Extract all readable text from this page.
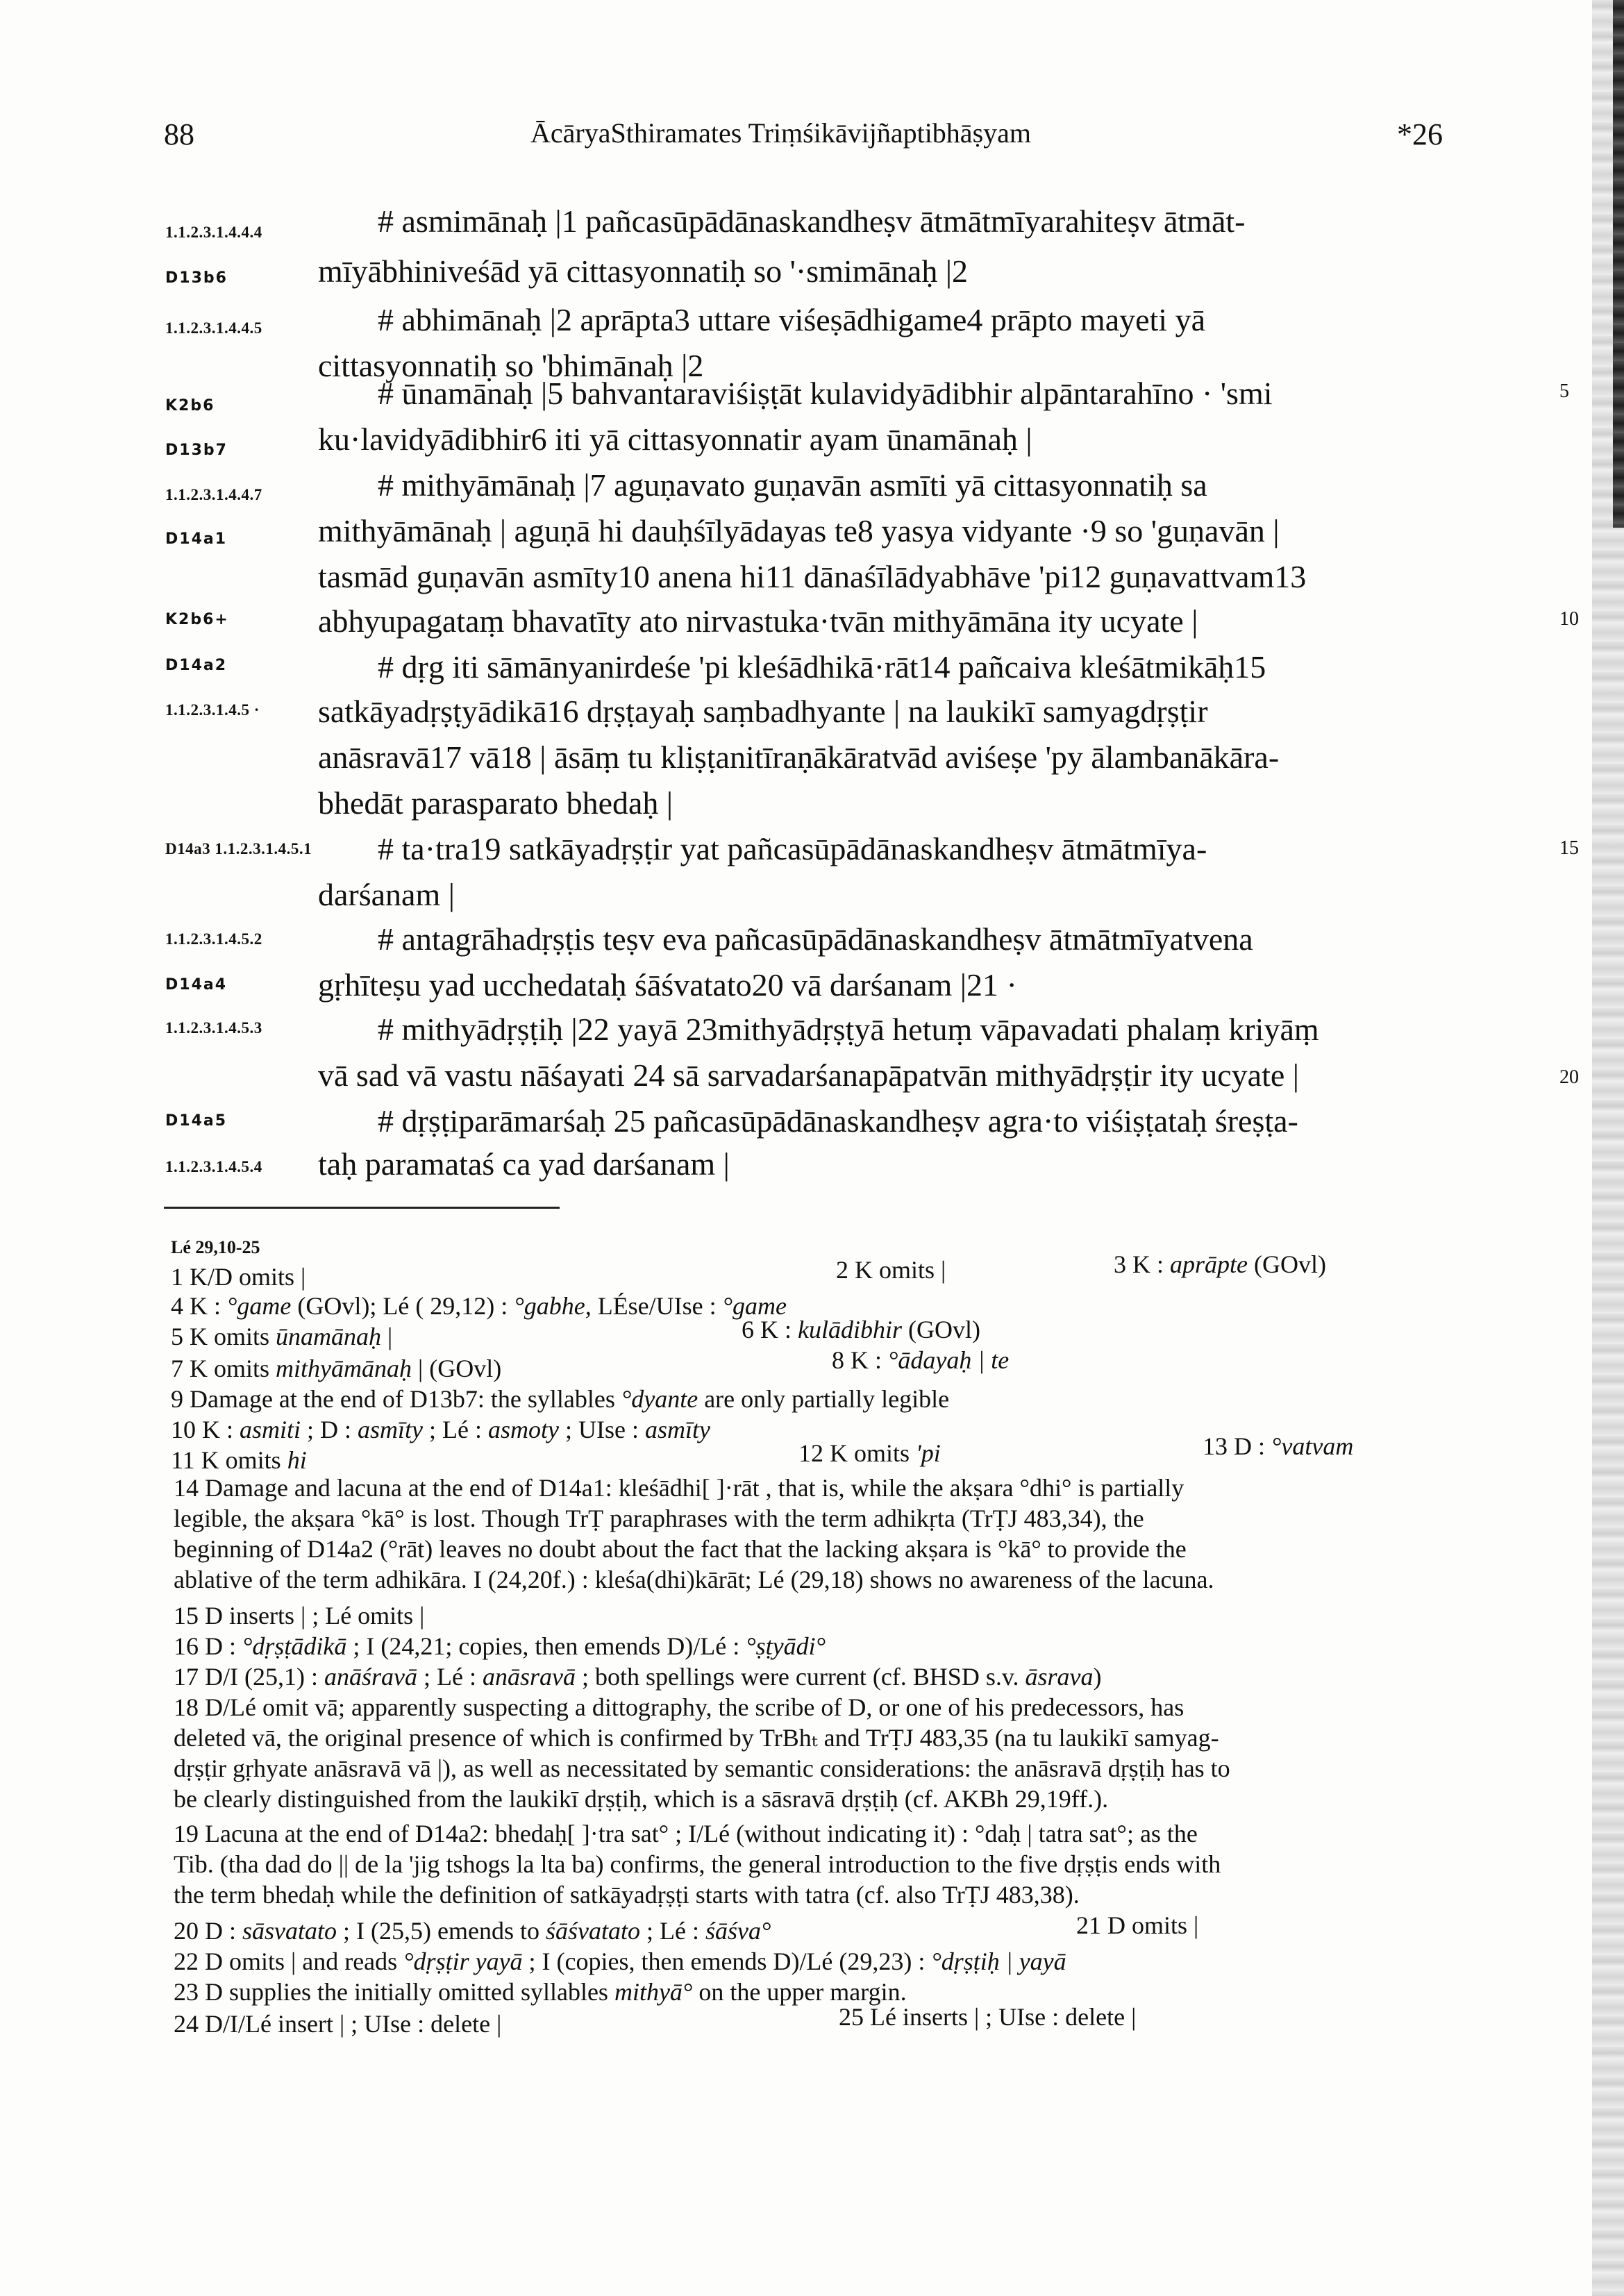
88	ĀcāryaSthiramates Triṃśikāvijñaptibhāṣyam	*26
1.1.2.3.1.4.4.4	# asmimānaḥ |1 pañcasūpādānaskandheṣv ātmātmīyarahiteṣv ātmāt-
D13b6	mīyābhiniveśād yā cittasyonnatiḥ so '·smimānaḥ |2
1.1.2.3.1.4.4.5	# abhimānaḥ |2 aprāpta3 uttare viśeṣādhigame4 prāpto mayeti yā
cittasyonnatiḥ so 'bhimānaḥ |2
K2b6	# ūnamānaḥ |5 bahvantaraviśiṣṭāt kulavidyādibhir alpāntarahīno · 'smi
D13b7	ku·lavidyādibhir6 iti yā cittasyonnatir ayam ūnamānaḥ |
1.1.2.3.1.4.4.7	# mithyāmānaḥ |7 aguṇavato guṇavān asmīti yā cittasyonnatiḥ sa
D14a1	mithyāmānaḥ | aguṇā hi dauḥśīlyādayas te8 yasya vidyante ·9 so 'guṇavān |
tasmād guṇavān asmīty10 anena hi11 dānaśīlādyabhāve 'pi12 guṇavattvam13
K2b6+	abhyupagataṃ bhavatīty ato nirvastuka·tvān mithyāmāna ity ucyate |
D14a2	# dṛg iti sāmānyanirdeśe 'pi kleśādhikā·rāt14 pañcaiva kleśātmikāḥ15
1.1.2.3.1.4.5 · satkāyadṛṣṭyādikā16 dṛṣṭayaḥ saṃbadhyante | na laukikī samyagdṛṣṭir
anāsravā17 vā18 | āsāṃ tu kliṣṭanitīraṇākāratvād aviśeṣe 'py ālambanākāra-
bhedāt parasparato bhedaḥ |
D14a3 1.1.2.3.1.4.5.1 # ta·tra19 satkāyadṛṣṭir yat pañcasūpādānaskandheṣv ātmātmīya-
darśanam |
1.1.2.3.1.4.5.2	# antagrāhadṛṣṭis teṣv eva pañcasūpādānaskandheṣv ātmātmīyatvena
D14a4	gṛhīteṣu yad ucchedataḥ śāśvatato20 vā darśanam |21 ·
1.1.2.3.1.4.5.3	# mithyādṛṣṭiḥ |22 yayā 23mithyādṛṣṭyā hetuṃ vāpavadati phalaṃ kriyāṃ
vā sad vā vastu nāśayati 24 sā sarvadarśanapāpatvān mithyādṛṣṭir ity ucyate |
D14a5	# dṛṣṭiparāmarśaḥ 25 pañcasūpādānaskandheṣv agra·to viśiṣṭataḥ śreṣṭa-
1.1.2.3.1.4.5.4 taḥ paramataś ca yad darśanam |
5
10
15
20
Lé 29,10-25
1 K/D omits |	2 K omits |	3 K : aprāpte (GOvl)
4 K : °game (GOvl); Lé ( 29,12) : °gabhe, LÉse/UIse : °game
5 K omits ūnamānaḥ |	6 K : kulādibhir (GOvl)
7 K omits mithyāmānaḥ | (GOvl)	8 K : °ādayaḥ | te
9 Damage at the end of D13b7: the syllables °dyante are only partially legible
10 K : asmiti ; D : asmīty ; Lé : asmoty ; UIse : asmīty
11 K omits hi	12 K omits 'pi	13 D : °vatvam
14 Damage and lacuna at the end of D14a1: kleśādhi[ ]·rāt , that is, while the akṣara °dhi° is partially
legible, the akṣara °kā° is lost. Though TrṬ paraphrases with the term adhikṛta (TrṬJ 483,34), the
beginning of D14a2 (°rāt) leaves no doubt about the fact that the lacking akṣara is °kā° to provide the
ablative of the term adhikāra. I (24,20f.) : kleśa(dhi)kārāt; Lé (29,18) shows no awareness of the lacuna.
15 D inserts | ; Lé omits |
16 D : °dṛṣṭādikā ; I (24,21; copies, then emends D)/Lé : °ṣṭyādi°
17 D/I (25,1) : anāśravā ; Lé : anāsravā ; both spellings were current (cf. BHSD s.v. āsrava)
18 D/Lé omit vā; apparently suspecting a dittography, the scribe of D, or one of his predecessors, has
deleted vā, the original presence of which is confirmed by TrBhₜ and TrṬJ 483,35 (na tu laukikī samyag-
dṛṣṭir gṛhyate anāsravā vā |), as well as necessitated by semantic considerations: the anāsravā dṛṣṭiḥ has to
be clearly distinguished from the laukikī dṛṣṭiḥ, which is a sāsravā dṛṣṭiḥ (cf. AKBh 29,19ff.).
19 Lacuna at the end of D14a2: bhedaḥ[ ]·tra sat° ; I/Lé (without indicating it) : °daḥ | tatra sat°; as the
Tib. (tha dad do || de la 'jig tshogs la lta ba) confirms, the general introduction to the five dṛṣṭis ends with
the term bhedaḥ while the definition of satkāyadṛṣṭi starts with tatra (cf. also TrṬJ 483,38).
20 D : sāsvatato ; I (25,5) emends to śāśvatato ; Lé : śāśva°	21 D omits |
22 D omits | and reads °dṛṣṭir yayā ; I (copies, then emends D)/Lé (29,23) : °dṛṣṭiḥ | yayā
23 D supplies the initially omitted syllables mithyā° on the upper margin.
24 D/I/Lé insert | ; UIse : delete |	25 Lé inserts | ; UIse : delete |
